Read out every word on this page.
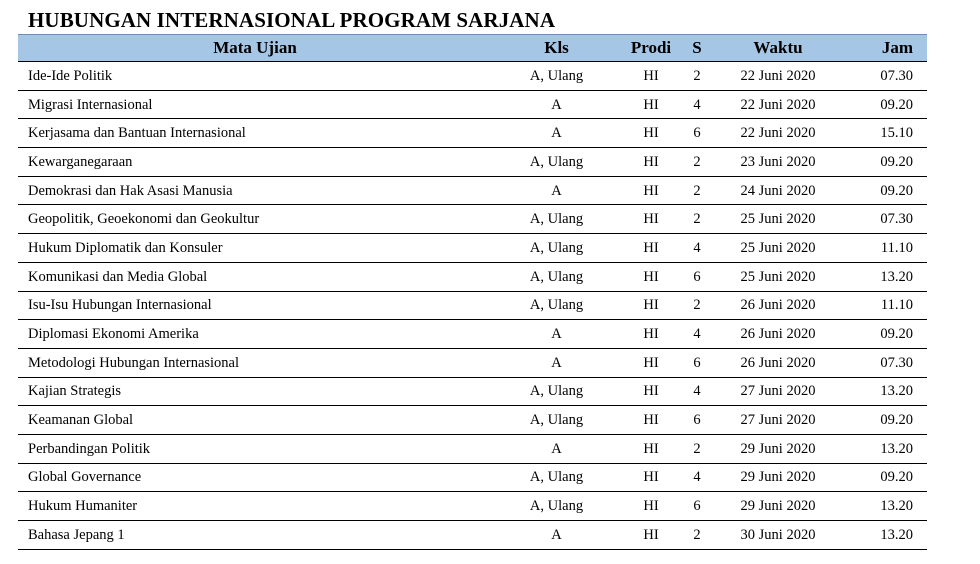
HUBUNGAN INTERNASIONAL PROGRAM SARJANA
Mata Ujian	Kls	Prodi	S	Waktu	Jam
Ide-Ide Politik	A, Ulang	HI	2	22 Juni 2020	07.30
Migrasi Internasional	A	HI	4	22 Juni 2020	09.20
Kerjasama dan Bantuan Internasional	A	HI	6	22 Juni 2020	15.10
Kewarganegaraan	A, Ulang	HI	2	23 Juni 2020	09.20
Demokrasi dan Hak Asasi Manusia	A	HI	2	24 Juni 2020	09.20
Geopolitik, Geoekonomi dan Geokultur	A, Ulang	HI	2	25 Juni 2020	07.30
Hukum Diplomatik dan Konsuler	A, Ulang	HI	4	25 Juni 2020	11.10
Komunikasi dan Media Global	A, Ulang	HI	6	25 Juni 2020	13.20
Isu-Isu Hubungan Internasional	A, Ulang	HI	2	26 Juni 2020	11.10
Diplomasi Ekonomi Amerika	A	HI	4	26 Juni 2020	09.20
Metodologi Hubungan Internasional	A	HI	6	26 Juni 2020	07.30
Kajian Strategis	A, Ulang	HI	4	27 Juni 2020	13.20
Keamanan Global	A, Ulang	HI	6	27 Juni 2020	09.20
Perbandingan Politik	A	HI	2	29 Juni 2020	13.20
Global Governance	A, Ulang	HI	4	29 Juni 2020	09.20
Hukum Humaniter	A, Ulang	HI	6	29 Juni 2020	13.20
Bahasa Jepang 1	A	HI	2	30 Juni 2020	13.20
